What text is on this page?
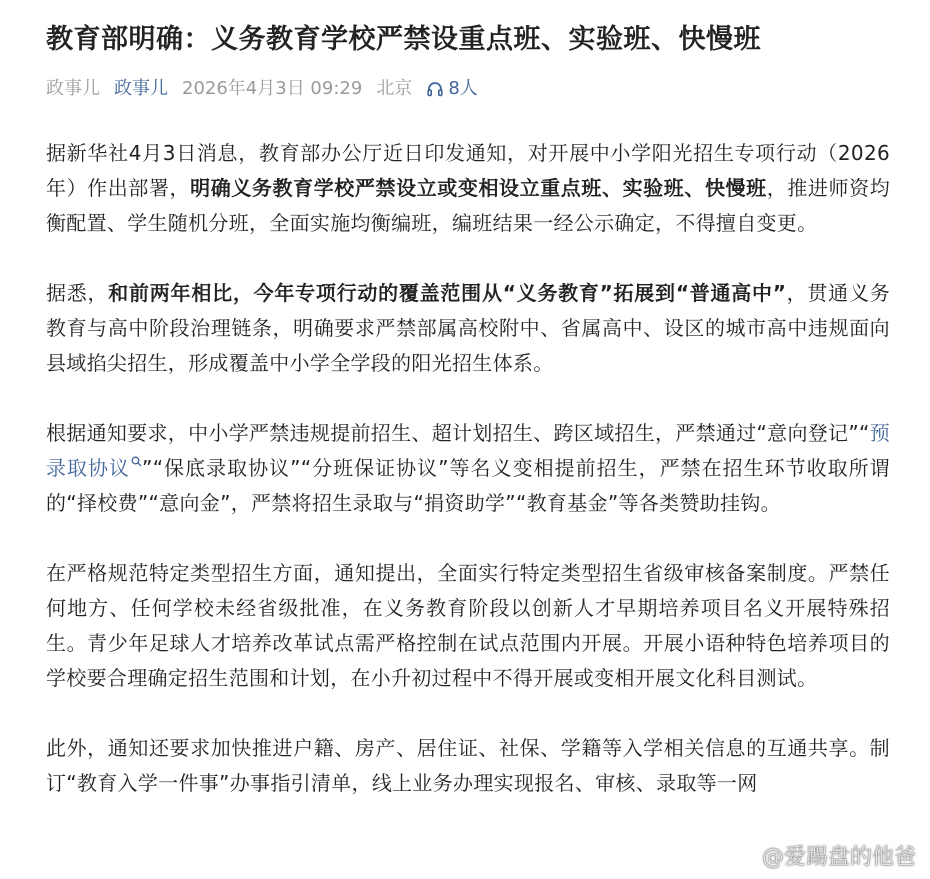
教育部明确：义务教育学校严禁设重点班、实验班、快慢班
政事儿 政事儿 2026年4月3日 09:29 北京 8人

据新华社4月3日消息，教育部办公厅近日印发通知，对开展中小学阳光招生专项行动（2026年）作出部署，明确义务教育学校严禁设立或变相设立重点班、实验班、快慢班，推进师资均衡配置、学生随机分班，全面实施均衡编班，编班结果一经公示确定，不得擅自变更。

据悉，和前两年相比，今年专项行动的覆盖范围从“义务教育”拓展到“普通高中”，贯通义务教育与高中阶段治理链条，明确要求严禁部属高校附中、省属高中、设区的城市高中违规面向县域掐尖招生，形成覆盖中小学全学段的阳光招生体系。

根据通知要求，中小学严禁违规提前招生、超计划招生、跨区域招生，严禁通过“意向登记”“预录取协议 ”“保底录取协议”“分班保证协议”等名义变相提前招生，严禁在招生环节收取所谓的“择校费”“意向金”，严禁将招生录取与“捐资助学”“教育基金”等各类赞助挂钩。

在严格规范特定类型招生方面，通知提出，全面实行特定类型招生省级审核备案制度。严禁任何地方、任何学校未经省级批准，在义务教育阶段以创新人才早期培养项目名义开展特殊招生。青少年足球人才培养改革试点需严格控制在试点范围内开展。开展小语种特色培养项目的学校要合理确定招生范围和计划，在小升初过程中不得开展或变相开展文化科目测试。

此外，通知还要求加快推进户籍、房产、居住证、社保、学籍等入学相关信息的互通共享。制订“教育入学一件事”办事指引清单，线上业务办理实现报名、审核、录取等一网

@爱踢盘的他爸
